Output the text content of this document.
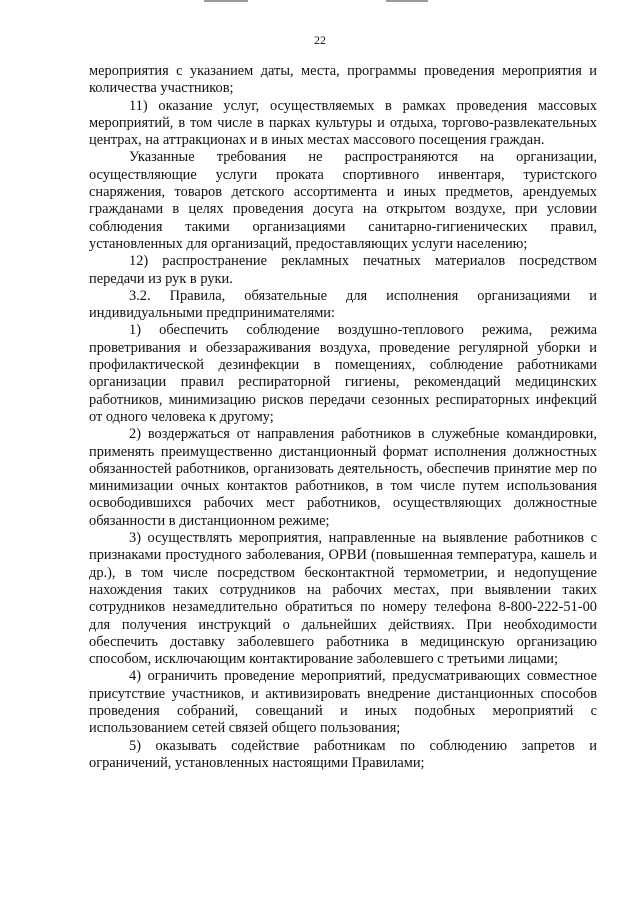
22

мероприятия с указанием даты, места, программы проведения мероприятия и количества участников;

11) оказание услуг, осуществляемых в рамках проведения массовых мероприятий, в том числе в парках культуры и отдыха, торгово-развлекательных центрах, на аттракционах и в иных местах массового посещения граждан.

Указанные требования не распространяются на организации, осуществляющие услуги проката спортивного инвентаря, туристского снаряжения, товаров детского ассортимента и иных предметов, арендуемых гражданами в целях проведения досуга на открытом воздухе, при условии соблюдения такими организациями санитарно-гигиенических правил, установленных для организаций, предоставляющих услуги населению;

12) распространение рекламных печатных материалов посредством передачи из рук в руки.

3.2. Правила, обязательные для исполнения организациями и индивидуальными предпринимателями:

1) обеспечить соблюдение воздушно-теплового режима, режима проветривания и обеззараживания воздуха, проведение регулярной уборки и профилактической дезинфекции в помещениях, соблюдение работниками организации правил респираторной гигиены, рекомендаций медицинских работников, минимизацию рисков передачи сезонных респираторных инфекций от одного человека к другому;

2) воздержаться от направления работников в служебные командировки, применять преимущественно дистанционный формат исполнения должностных обязанностей работников, организовать деятельность, обеспечив принятие мер по минимизации очных контактов работников, в том числе путем использования освободившихся рабочих мест работников, осуществляющих должностные обязанности в дистанционном режиме;

3) осуществлять мероприятия, направленные на выявление работников с признаками простудного заболевания, ОРВИ (повышенная температура, кашель и др.), в том числе посредством бесконтактной термометрии, и недопущение нахождения таких сотрудников на рабочих местах, при выявлении таких сотрудников незамедлительно обратиться по номеру телефона 8-800-222-51-00 для получения инструкций о дальнейших действиях. При необходимости обеспечить доставку заболевшего работника в медицинскую организацию способом, исключающим контактирование заболевшего с третьими лицами;

4) ограничить проведение мероприятий, предусматривающих совместное присутствие участников, и активизировать внедрение дистанционных способов проведения собраний, совещаний и иных подобных мероприятий с использованием сетей связей общего пользования;

5) оказывать содействие работникам по соблюдению запретов и ограничений, установленных настоящими Правилами;
